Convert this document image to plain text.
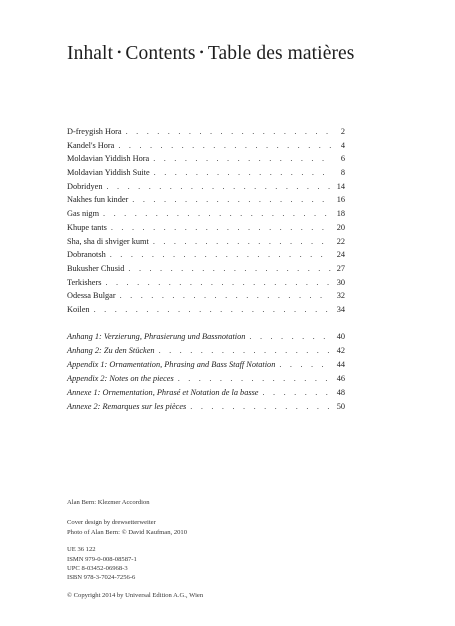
Inhalt • Contents • Table des matières
D-freygish Hora . . .	2
Kandel's Hora . . .	4
Moldavian Yiddish Hora . . .	6
Moldavian Yiddish Suite . . .	8
Dobridyen . . .	14
Nakhes fun kinder . . .	16
Gas nigm . . .	18
Khupe tants . . .	20
Sha, sha di shviger kumt . . .	22
Dobranotsh . . .	24
Bukusher Chusid . . .	27
Terkishers . . .	30
Odessa Bulgar . . .	32
Koilen . . .	34
Anhang 1: Verzierung, Phrasierung und Bassnotation . . .	40
Anhang 2: Zu den Stücken . . .	42
Appendix 1: Ornamentation, Phrasing and Bass Staff Notation . . .	44
Appendix 2: Notes on the pieces . . .	46
Annexe 1: Ornementation, Phrasé et Notation de la basse . . .	48
Annexe 2: Remarques sur les pièces . . .	50
Alan Bern: Klezmer Accordion
Cover design by drewsetterweiter
Photo of Alan Bern: © David Kaufman, 2010
UE 36 122
ISMN 979-0-008-08587-1
UPC 8-03452-06968-3
ISBN 978-3-7024-7256-6
© Copyright 2014 by Universal Edition A.G., Wien
